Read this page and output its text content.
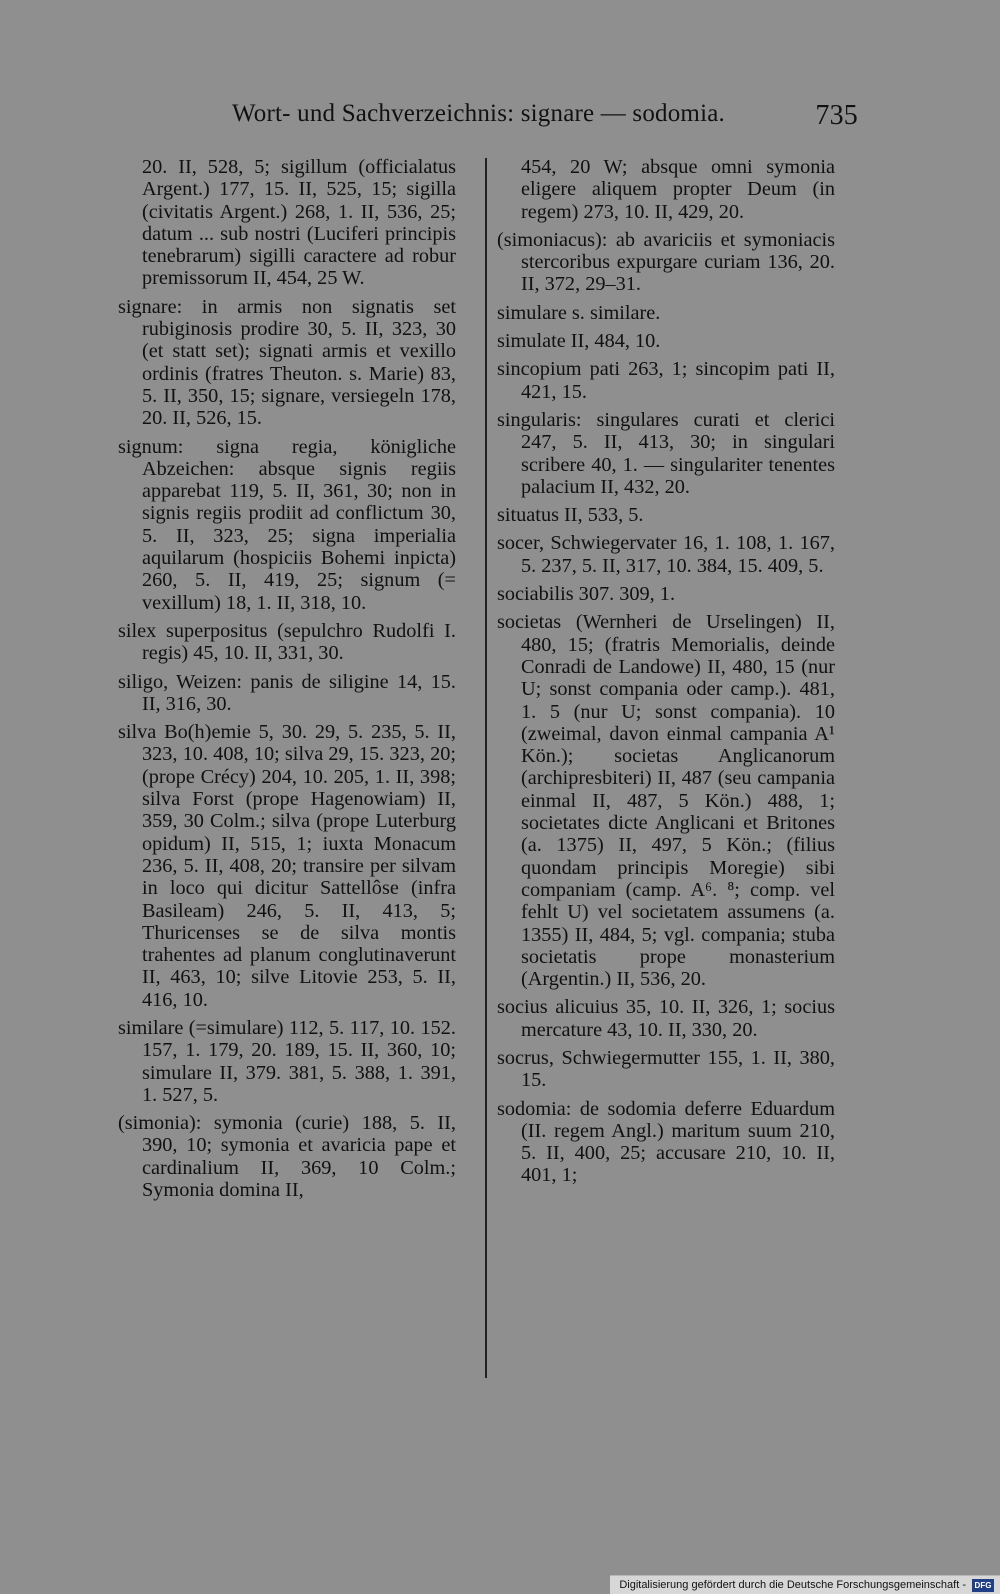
Wort- und Sachverzeichnis: signare — sodomia.	735

20. II, 528, 5; sigillum (officialatus Argent.) 177, 15. II, 525, 15; sigilla (civitatis Argent.) 268, 1. II, 536, 25; datum ... sub nostri (Luciferi principis tenebrarum) sigilli caractere ad robur premissorum II, 454, 25 W.

signare: in armis non signatis set rubiginosis prodire 30, 5. II, 323, 30 (et statt set); signati armis et vexillo ordinis (fratres Theuton. s. Marie) 83, 5. II, 350, 15; signare, versiegeln 178, 20. II, 526, 15.

signum: signa regia, königliche Abzeichen: absque signis regiis apparebat 119, 5. II, 361, 30; non in signis regiis prodiit ad conflictum 30, 5. II, 323, 25; signa imperialia aquilarum (hospiciis Bohemi inpicta) 260, 5. II, 419, 25; signum (= vexillum) 18, 1. II, 318, 10.

silex superpositus (sepulchro Rudolfi I. regis) 45, 10. II, 331, 30.

siligo, Weizen: panis de siligine 14, 15. II, 316, 30.

silva Bo(h)emie 5, 30. 29, 5. 235, 5. II, 323, 10. 408, 10; silva 29, 15. 323, 20; (prope Crécy) 204, 10. 205, 1. II, 398; silva Forst (prope Hagenowiam) II, 359, 30 Colm.; silva (prope Luterburg opidum) II, 515, 1; iuxta Monacum 236, 5. II, 408, 20; transire per silvam in loco qui dicitur Sattellôse (infra Basileam) 246, 5. II, 413, 5; Thuricenses se de silva montis trahentes ad planum conglutinaverunt II, 463, 10; silve Litovie 253, 5. II, 416, 10.

similare (=simulare) 112, 5. 117, 10. 152. 157, 1. 179, 20. 189, 15. II, 360, 10; simulare II, 379. 381, 5. 388, 1. 391, 1. 527, 5.

(simonia): symonia (curie) 188, 5. II, 390, 10; symonia et avaricia pape et cardinalium II, 369, 10 Colm.; Symonia domina II,

454, 20 W; absque omni symonia eligere aliquem propter Deum (in regem) 273, 10. II, 429, 20.

(simoniacus): ab avariciis et symoniacis stercoribus expurgare curiam 136, 20. II, 372, 29–31.

simulare s. similare.

simulate II, 484, 10.

sincopium pati 263, 1; sincopim pati II, 421, 15.

singularis: singulares curati et clerici 247, 5. II, 413, 30; in singulari scribere 40, 1. — singulariter tenentes palacium II, 432, 20.

situatus II, 533, 5.

socer, Schwiegervater 16, 1. 108, 1. 167, 5. 237, 5. II, 317, 10. 384, 15. 409, 5.

sociabilis 307. 309, 1.

societas (Wernheri de Urselingen) II, 480, 15; (fratris Memorialis, deinde Conradi de Landowe) II, 480, 15 (nur U; sonst compania oder camp.). 481, 1. 5 (nur U; sonst compania). 10 (zweimal, davon einmal campania A¹ Kön.); societas Anglicanorum (archipresbiteri) II, 487 (seu campania einmal II, 487, 5 Kön.) 488, 1; societates dicte Anglicani et Britones (a. 1375) II, 497, 5 Kön.; (filius quondam principis Moregie) sibi companiam (camp. A⁶. ⁸; comp. vel fehlt U) vel societatem assumens (a. 1355) II, 484, 5; vgl. compania; stuba societatis prope monasterium (Argentin.) II, 536, 20.

socius alicuius 35, 10. II, 326, 1; socius mercature 43, 10. II, 330, 20.

socrus, Schwiegermutter 155, 1. II, 380, 15.

sodomia: de sodomia deferre Eduardum (II. regem Angl.) maritum suum 210, 5. II, 400, 25; accusare 210, 10. II, 401, 1;

Digitalisierung gefördert durch die Deutsche Forschungsgemeinschaft -	DFG
